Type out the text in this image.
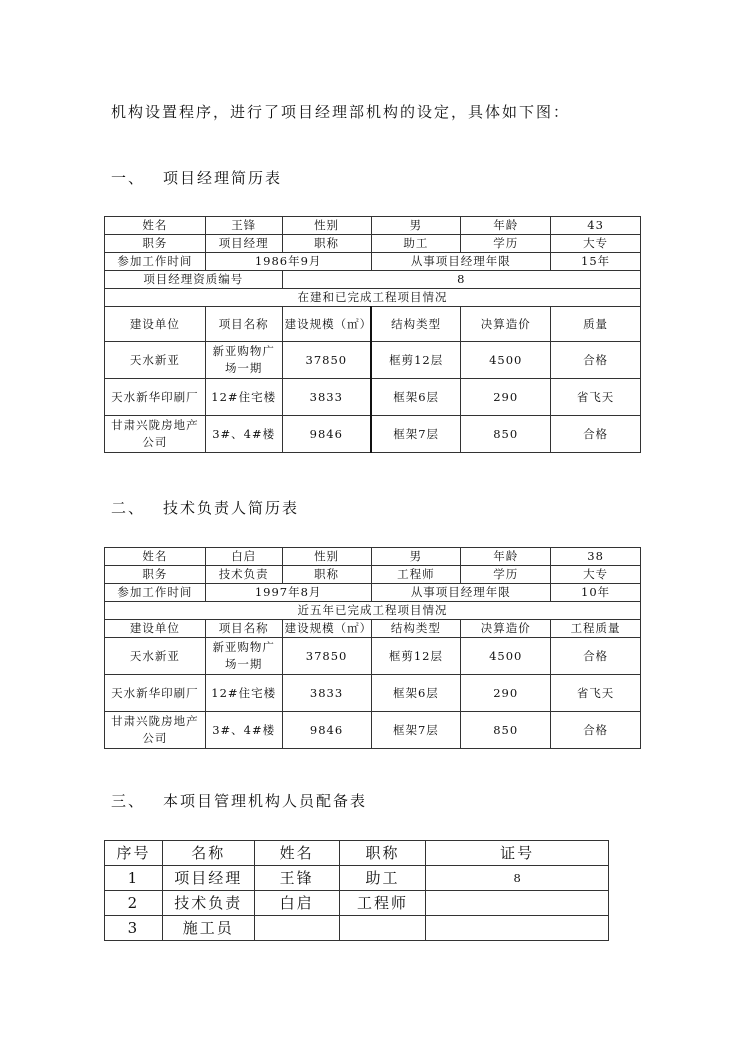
机构设置程序，进行了项目经理部机构的设定，具体如下图：
一、 项目经理简历表
姓名	王锋	性别	男	年龄	43
职务	项目经理	职称	助工	学历	大专
参加工作时间	1986年9月		从事项目经理年限		15年
项目经理资质编号		8			
在建和已完成工程项目情况					
建设单位	项目名称	建设规模（㎡）	结构类型	决算造价	质量
天水新亚	新亚购物广场一期	37850	框剪12层	4500	合格
天水新华印刷厂	12#住宅楼	3833	框架6层	290	省飞天
甘肃兴陇房地产公司	3#、4#楼	9846	框架7层	850	合格
二、 技术负责人简历表
姓名	白启	性别	男	年龄	38
职务	技术负责	职称	工程师	学历	大专
参加工作时间	1997年8月		从事项目经理年限		10年
近五年已完成工程项目情况					
建设单位	项目名称	建设规模（㎡）	结构类型	决算造价	工程质量
天水新亚	新亚购物广场一期	37850	框剪12层	4500	合格
天水新华印刷厂	12#住宅楼	3833	框架6层	290	省飞天
甘肃兴陇房地产公司	3#、4#楼	9846	框架7层	850	合格
三、 本项目管理机构人员配备表
序号	名称	姓名	职称	证号
1	项目经理	王锋	助工	8
2	技术负责	白启	工程师	
3	施工员			
